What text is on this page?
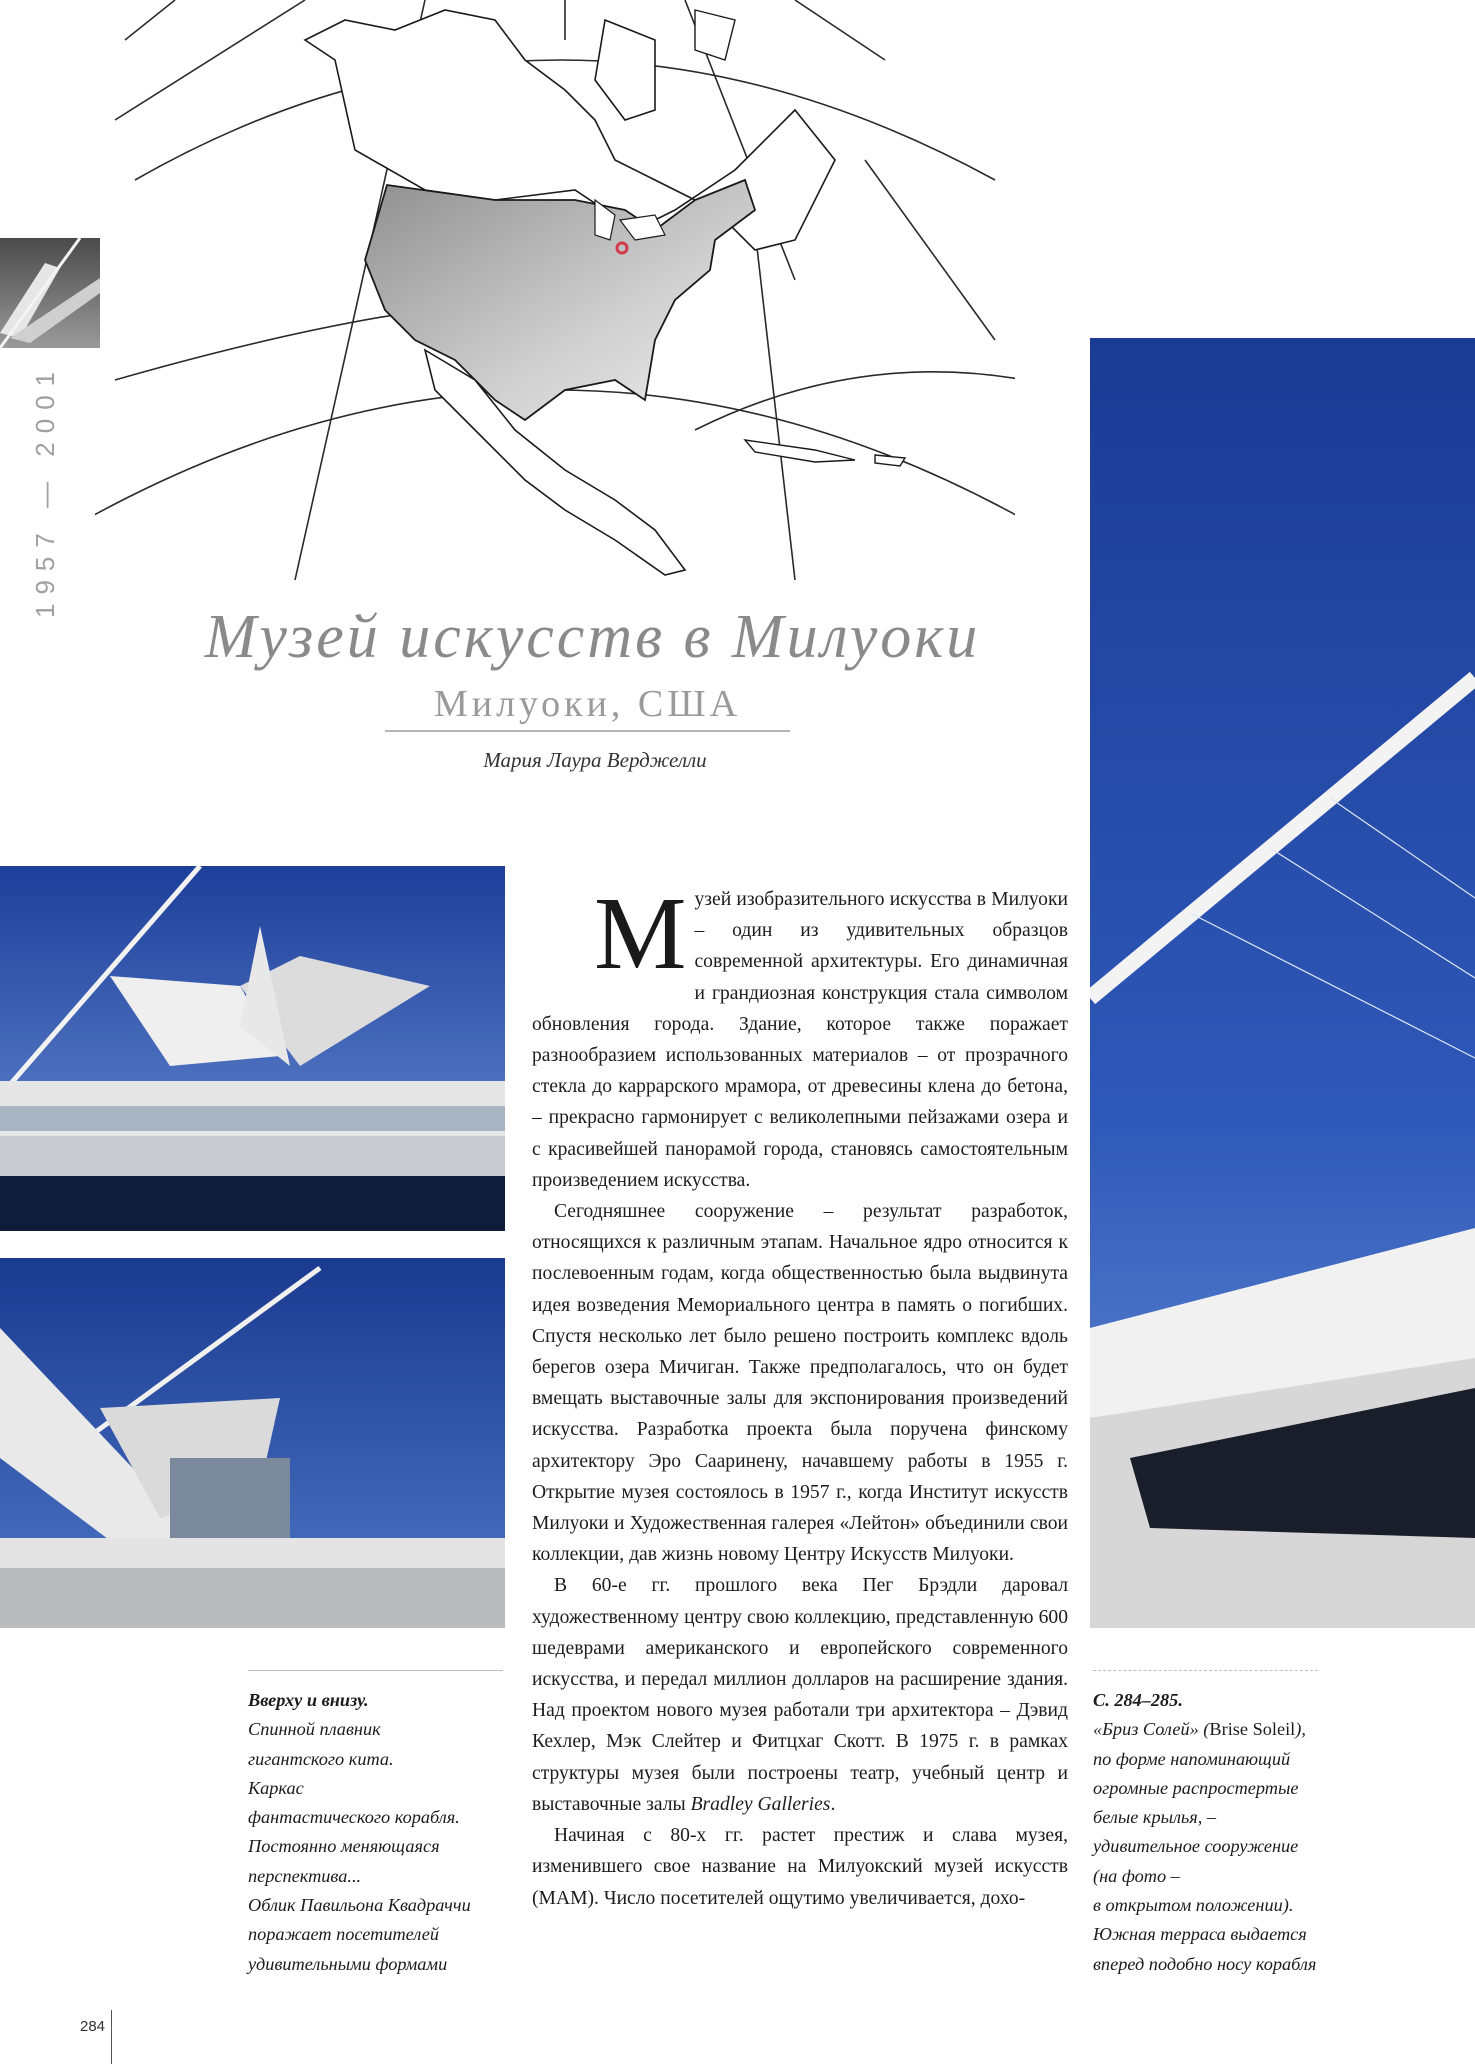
1957 — 2001
Музей искусств в Милуоки
Милуоки, США
Мария Лаура Верджелли
М узей изобразительного искусства в Милуоки – один из удивительных образцов современной архитектуры. Его динамичная и грандиозная конструкция стала символом обновления города. Здание, которое также поражает разнообразием использованных материалов – от прозрачного стекла до каррарского мрамора, от древесины клена до бетона, – прекрасно гармонирует с великолепными пейзажами озера и с красивейшей панорамой города, становясь самостоятельным произведением искусства.

Сегодняшнее сооружение – результат разработок, относящихся к различным этапам. Начальное ядро относится к послевоенным годам, когда общественностью была выдвинута идея возведения Мемориального центра в память о погибших. Спустя несколько лет было решено построить комплекс вдоль берегов озера Мичиган. Также предполагалось, что он будет вмещать выставочные залы для экспонирования произведений искусства. Разработка проекта была поручена финскому архитектору Эро Сааринену, начавшему работы в 1955 г. Открытие музея состоялось в 1957 г., когда Институт искусств Милуоки и Художественная галерея «Лейтон» объединили свои коллекции, дав жизнь новому Центру Искусств Милуоки.

В 60-е гг. прошлого века Пег Брэдли даровал художественному центру свою коллекцию, представленную 600 шедеврами американского и европейского современного искусства, и передал миллион долларов на расширение здания. Над проектом нового музея работали три архитектора – Дэвид Кехлер, Мэк Слейтер и Фитцхаг Скотт. В 1975 г. в рамках структуры музея были построены театр, учебный центр и выставочные залы Bradley Galleries.

Начиная с 80-х гг. растет престиж и слава музея, изменившего свое название на Милуокский музей искусств (МАМ). Число посетителей ощутимо увеличивается, дохо-

Вверху и внизу.
Спинной плавник
гигантского кита.
Каркас
фантастического корабля.
Постоянно меняющаяся
перспектива...
Облик Павильона Квадраччи
поражает посетителей
удивительными формами
С. 284–285.
«Бриз Солей» (Brise Soleil),
по форме напоминающий
огромные распростертые
белые крылья, –
удивительное сооружение
(на фото –
в открытом положении).
Южная терраса выдается
вперед подобно носу корабля
284
